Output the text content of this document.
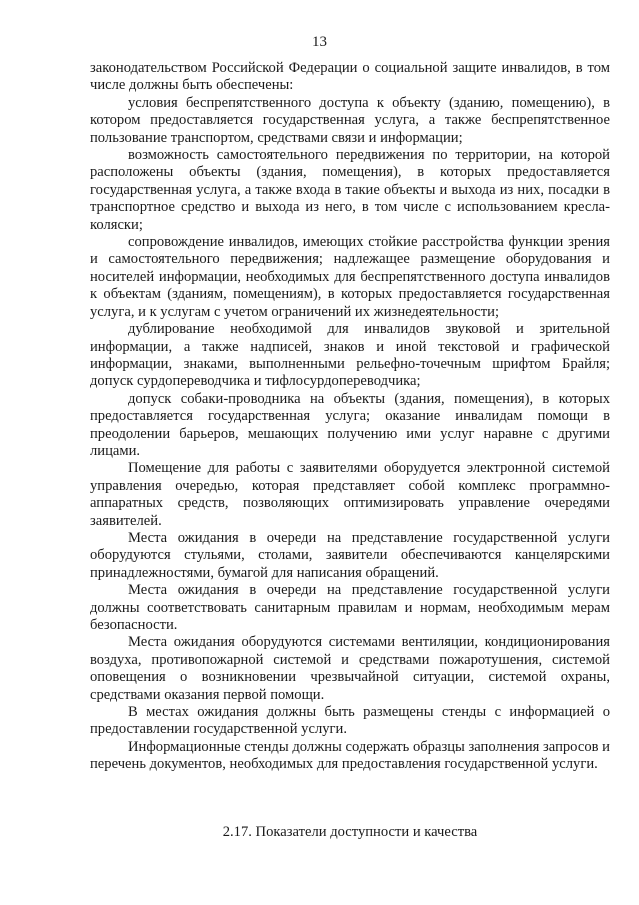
13

законодательством Российской Федерации о социальной защите инвалидов, в том числе должны быть обеспечены:

условия беспрепятственного доступа к объекту (зданию, помещению), в котором предоставляется государственная услуга, а также беспрепятственное пользование транспортом, средствами связи и информации;

возможность самостоятельного передвижения по территории, на которой расположены объекты (здания, помещения), в которых предоставляется государственная услуга, а также входа в такие объекты и выхода из них, посадки в транспортное средство и выхода из него, в том числе с использованием кресла-коляски;

сопровождение инвалидов, имеющих стойкие расстройства функции зрения и самостоятельного передвижения; надлежащее размещение оборудования и носителей информации, необходимых для беспрепятственного доступа инвалидов к объектам (зданиям, помещениям), в которых предоставляется государственная услуга, и к услугам с учетом ограничений их жизнедеятельности;

дублирование необходимой для инвалидов звуковой и зрительной информации, а также надписей, знаков и иной текстовой и графической информации, знаками, выполненными рельефно-точечным шрифтом Брайля; допуск сурдопереводчика и тифлосурдопереводчика;

допуск собаки-проводника на объекты (здания, помещения), в которых предоставляется государственная услуга; оказание инвалидам помощи в преодолении барьеров, мешающих получению ими услуг наравне с другими лицами.

Помещение для работы с заявителями оборудуется электронной системой управления очередью, которая представляет собой комплекс программно-аппаратных средств, позволяющих оптимизировать управление очередями заявителей.

Места ожидания в очереди на представление государственной услуги оборудуются стульями, столами, заявители обеспечиваются канцелярскими принадлежностями, бумагой для написания обращений.

Места ожидания в очереди на представление государственной услуги должны соответствовать санитарным правилам и нормам, необходимым мерам безопасности.

Места ожидания оборудуются системами вентиляции, кондиционирования воздуха, противопожарной системой и средствами пожаротушения, системой оповещения о возникновении чрезвычайной ситуации, системой охраны, средствами оказания первой помощи.

В местах ожидания должны быть размещены стенды с информацией о предоставлении государственной услуги.

Информационные стенды должны содержать образцы заполнения запросов и перечень документов, необходимых для предоставления государственной услуги.

2.17. Показатели доступности и качества
